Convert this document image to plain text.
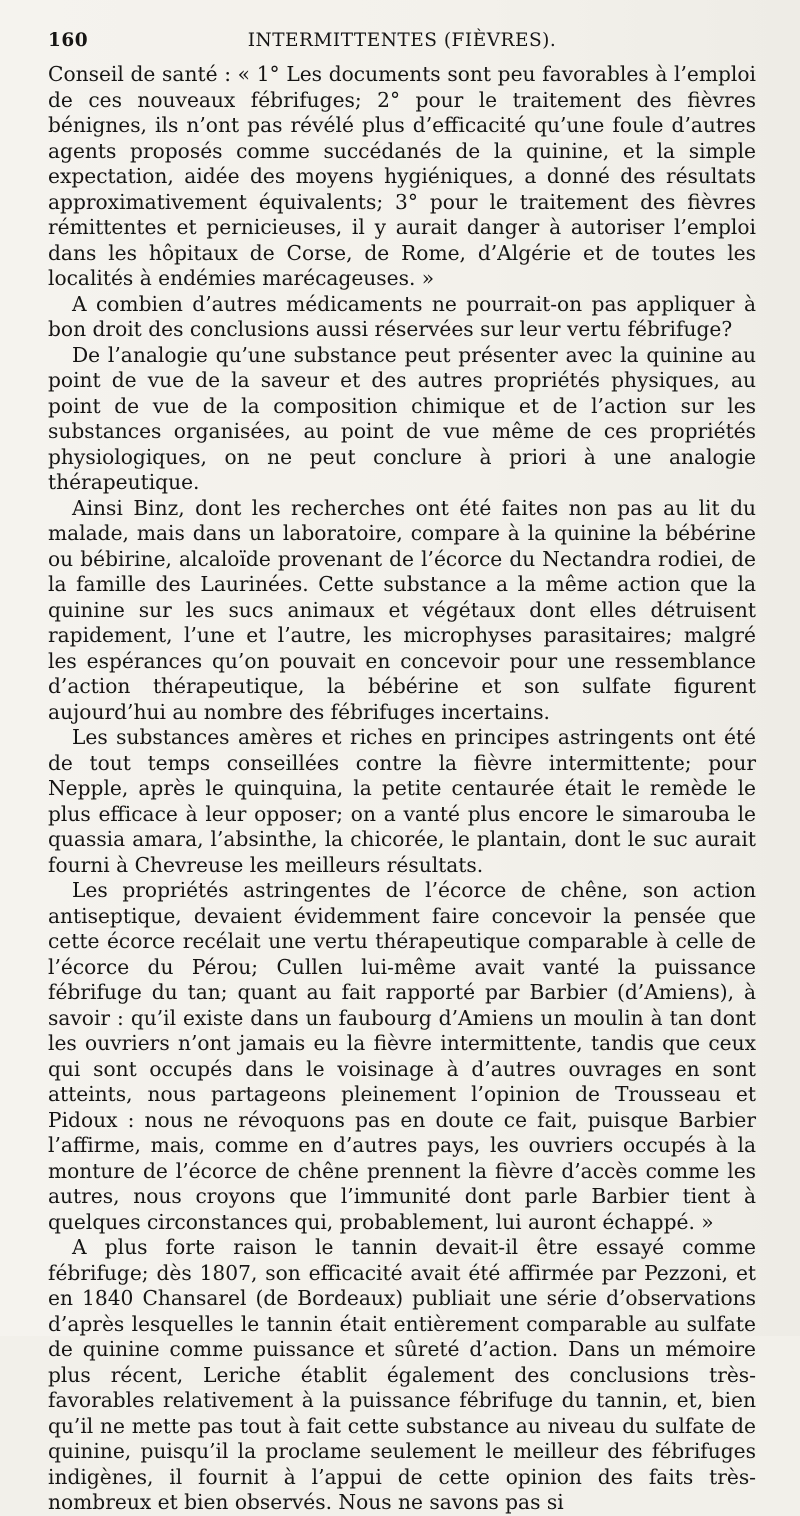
160	INTERMITTENTES (FIÈVRES).

Conseil de santé : « 1° Les documents sont peu favorables à l’emploi de ces nouveaux fébrifuges; 2° pour le traitement des fièvres bénignes, ils n’ont pas révélé plus d’efficacité qu’une foule d’autres agents proposés comme succédanés de la quinine, et la simple expectation, aidée des moyens hygiéniques, a donné des résultats approximativement équivalents; 3° pour le traitement des fièvres rémittentes et pernicieuses, il y aurait danger à autoriser l’emploi dans les hôpitaux de Corse, de Rome, d’Algérie et de toutes les localités à endémies marécageuses. »

A combien d’autres médicaments ne pourrait-on pas appliquer à bon droit des conclusions aussi réservées sur leur vertu fébrifuge?

De l’analogie qu’une substance peut présenter avec la quinine au point de vue de la saveur et des autres propriétés physiques, au point de vue de la composition chimique et de l’action sur les substances organisées, au point de vue même de ces propriétés physiologiques, on ne peut conclure à priori à une analogie thérapeutique.

Ainsi Binz, dont les recherches ont été faites non pas au lit du malade, mais dans un laboratoire, compare à la quinine la bébérine ou bébirine, alcaloïde provenant de l’écorce du Nectandra rodiei, de la famille des Laurinées. Cette substance a la même action que la quinine sur les sucs animaux et végétaux dont elles détruisent rapidement, l’une et l’autre, les microphyses parasitaires; malgré les espérances qu’on pouvait en concevoir pour une ressemblance d’action thérapeutique, la bébérine et son sulfate figurent aujourd’hui au nombre des fébrifuges incertains.

Les substances amères et riches en principes astringents ont été de tout temps conseillées contre la fièvre intermittente; pour Nepple, après le quinquina, la petite centaurée était le remède le plus efficace à leur opposer; on a vanté plus encore le simarouba le quassia amara, l’absinthe, la chicorée, le plantain, dont le suc aurait fourni à Chevreuse les meilleurs résultats.

Les propriétés astringentes de l’écorce de chêne, son action antiseptique, devaient évidemment faire concevoir la pensée que cette écorce recélait une vertu thérapeutique comparable à celle de l’écorce du Pérou; Cullen lui-même avait vanté la puissance fébrifuge du tan; quant au fait rapporté par Barbier (d’Amiens), à savoir : qu’il existe dans un faubourg d’Amiens un moulin à tan dont les ouvriers n’ont jamais eu la fièvre intermittente, tandis que ceux qui sont occupés dans le voisinage à d’autres ouvrages en sont atteints, nous partageons pleinement l’opinion de Trousseau et Pidoux : nous ne révoquons pas en doute ce fait, puisque Barbier l’affirme, mais, comme en d’autres pays, les ouvriers occupés à la monture de l’écorce de chêne prennent la fièvre d’accès comme les autres, nous croyons que l’immunité dont parle Barbier tient à quelques circonstances qui, probablement, lui auront échappé. »

A plus forte raison le tannin devait-il être essayé comme fébrifuge; dès 1807, son efficacité avait été affirmée par Pezzoni, et en 1840 Chansarel (de Bordeaux) publiait une série d’observations d’après lesquelles le tannin était entièrement comparable au sulfate de quinine comme puissance et sûreté d’action. Dans un mémoire plus récent, Leriche établit également des conclusions très-favorables relativement à la puissance fébrifuge du tannin, et, bien qu’il ne mette pas tout à fait cette substance au niveau du sulfate de quinine, puisqu’il la proclame seulement le meilleur des fébrifuges indigènes, il fournit à l’appui de cette opinion des faits très-nombreux et bien observés. Nous ne savons pas si
